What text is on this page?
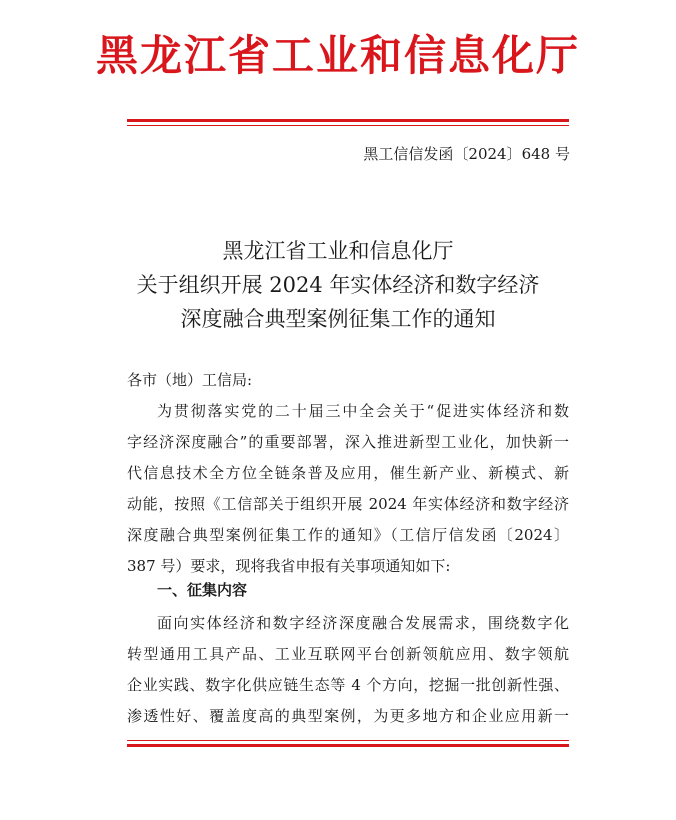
黑龙江省工业和信息化厅
黑工信信发函〔2024〕648 号
黑龙江省工业和信息化厅
关于组织开展 2024 年实体经济和数字经济
深度融合典型案例征集工作的通知
各市（地）工信局:
为贯彻落实党的二十届三中全会关于“促进实体经济和数
字经济深度融合”的重要部署，深入推进新型工业化，加快新一
代信息技术全方位全链条普及应用，催生新产业、新模式、新
动能，按照《工信部关于组织开展 2024 年实体经济和数字经济
深度融合典型案例征集工作的通知》（工信厅信发函〔2024〕
387 号）要求，现将我省申报有关事项通知如下:
一、征集内容
面向实体经济和数字经济深度融合发展需求，围绕数字化
转型通用工具产品、工业互联网平台创新领航应用、数字领航
企业实践、数字化供应链生态等 4 个方向，挖掘一批创新性强、
渗透性好、覆盖度高的典型案例，为更多地方和企业应用新一
